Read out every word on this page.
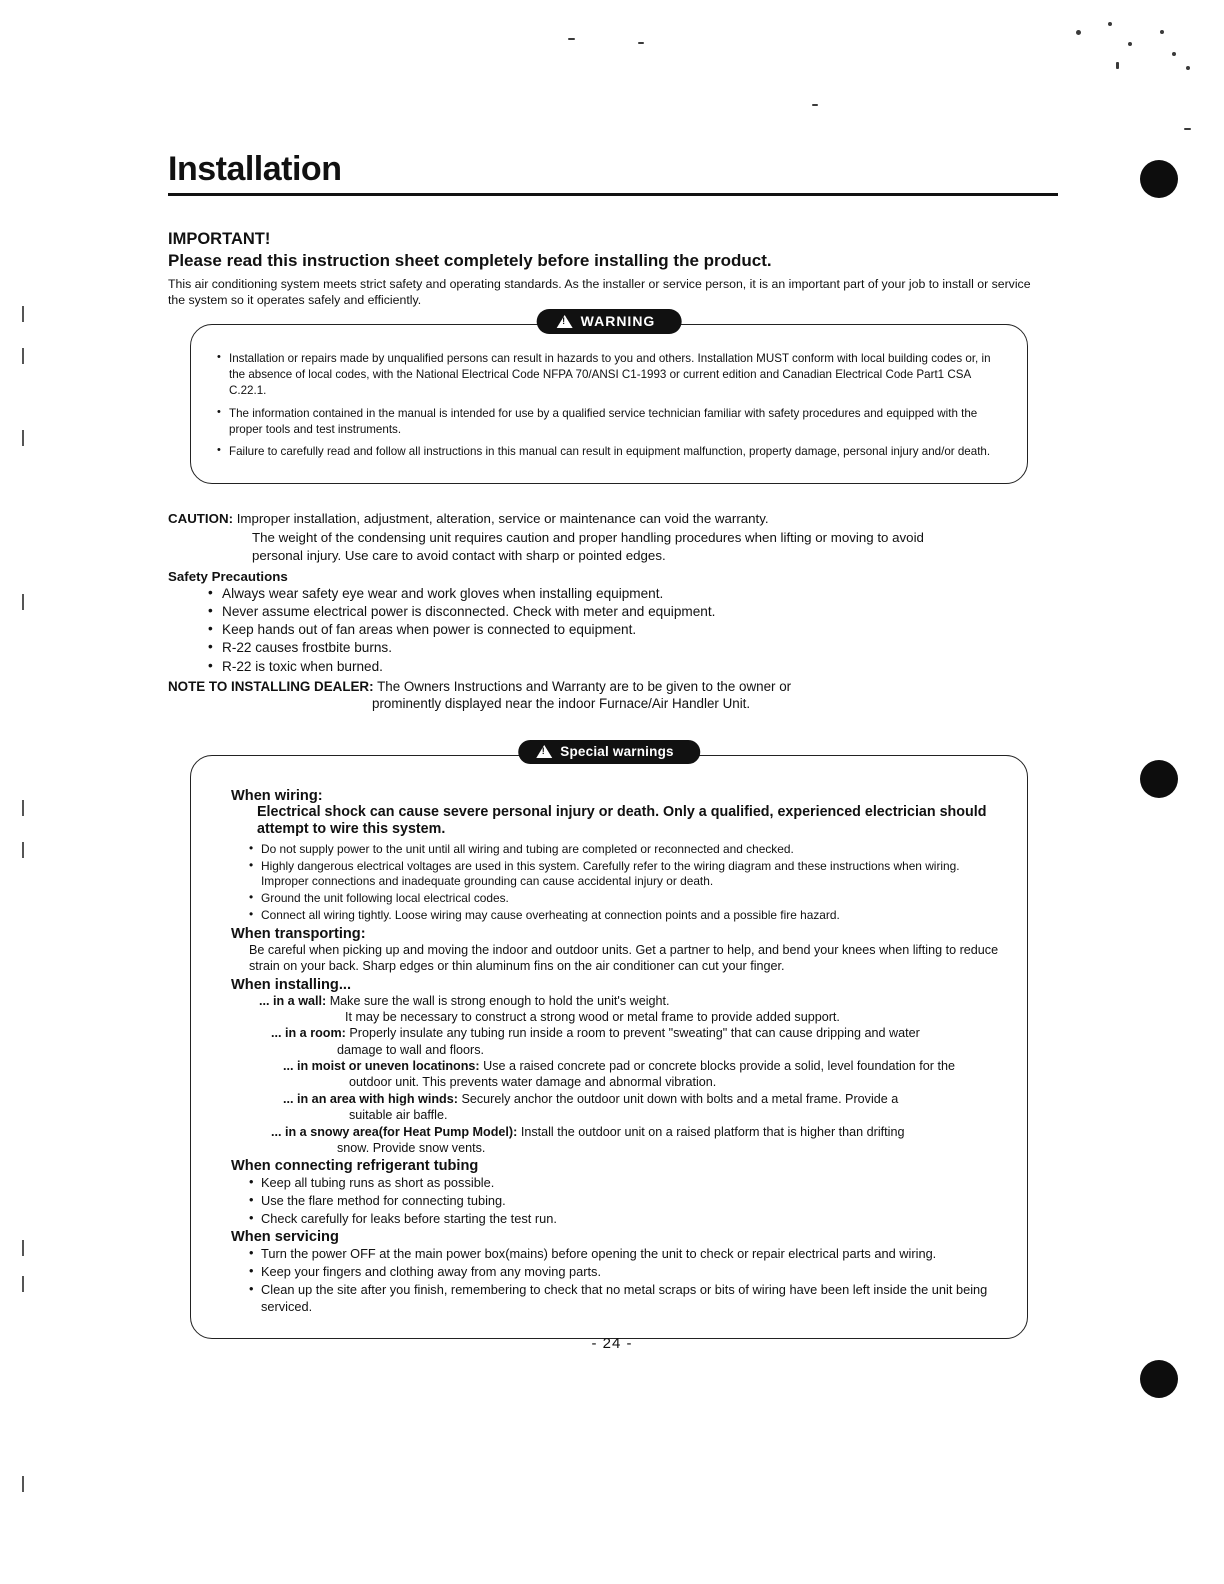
Installation
IMPORTANT!
Please read this instruction sheet completely before installing the product.

This air conditioning system meets strict safety and operating standards. As the installer or service person, it is an important part of your job to install or service the system so it operates safely and efficiently.

!
WARNING
• Installation or repairs made by unqualified persons can result in hazards to you and others. Installation MUST conform with local building codes or, in the absence of local codes, with the National Electrical Code NFPA 70/ANSI C1-1993 or current edition and Canadian Electrical Code Part1 CSA C.22.1.
• The information contained in the manual is intended for use by a qualified service technician familiar with safety procedures and equipped with the proper tools and test instruments.
• Failure to carefully read and follow all instructions in this manual can result in equipment malfunction, property damage, personal injury and/or death.
CAUTION: Improper installation, adjustment, alteration, service or maintenance can void the warranty.
The weight of the condensing unit requires caution and proper handling procedures when lifting or moving to avoid
personal injury. Use care to avoid contact with sharp or pointed edges.
Safety Precautions
• Always wear safety eye wear and work gloves when installing equipment.
• Never assume electrical power is disconnected. Check with meter and equipment.
• Keep hands out of fan areas when power is connected to equipment.
• R-22 causes frostbite burns.
• R-22 is toxic when burned.
NOTE TO INSTALLING DEALER: The Owners Instructions and Warranty are to be given to the owner or
prominently displayed near the indoor Furnace/Air Handler Unit.
!
Special warnings
When wiring:
Electrical shock can cause severe personal injury or death. Only a qualified, experienced electrician should attempt to wire this system.
• Do not supply power to the unit until all wiring and tubing are completed or reconnected and checked.
• Highly dangerous electrical voltages are used in this system. Carefully refer to the wiring diagram and these instructions when wiring. Improper connections and inadequate grounding can cause accidental injury or death.
• Ground the unit following local electrical codes.
• Connect all wiring tightly. Loose wiring may cause overheating at connection points and a possible fire hazard.
When transporting:
Be careful when picking up and moving the indoor and outdoor units. Get a partner to help, and bend your knees when lifting to reduce strain on your back. Sharp edges or thin aluminum fins on the air conditioner can cut your finger.
When installing...
... in a wall: Make sure the wall is strong enough to hold the unit's weight.
It may be necessary to construct a strong wood or metal frame to provide added support.
... in a room: Properly insulate any tubing run inside a room to prevent "sweating" that can cause dripping and water
damage to wall and floors.
... in moist or uneven locatinons: Use a raised concrete pad or concrete blocks provide a solid, level foundation for the
outdoor unit. This prevents water damage and abnormal vibration.
... in an area with high winds: Securely anchor the outdoor unit down with bolts and a metal frame. Provide a
suitable air baffle.
... in a snowy area(for Heat Pump Model): Install the outdoor unit on a raised platform that is higher than drifting
snow. Provide snow vents.
When connecting refrigerant tubing
• Keep all tubing runs as short as possible.
• Use the flare method for connecting tubing.
• Check carefully for leaks before starting the test run.
When servicing
• Turn the power OFF at the main power box(mains) before opening the unit to check or repair electrical parts and wiring.
• Keep your fingers and clothing away from any moving parts.
• Clean up the site after you finish, remembering to check that no metal scraps or bits of wiring have been left inside the unit being serviced.
- 24 -
